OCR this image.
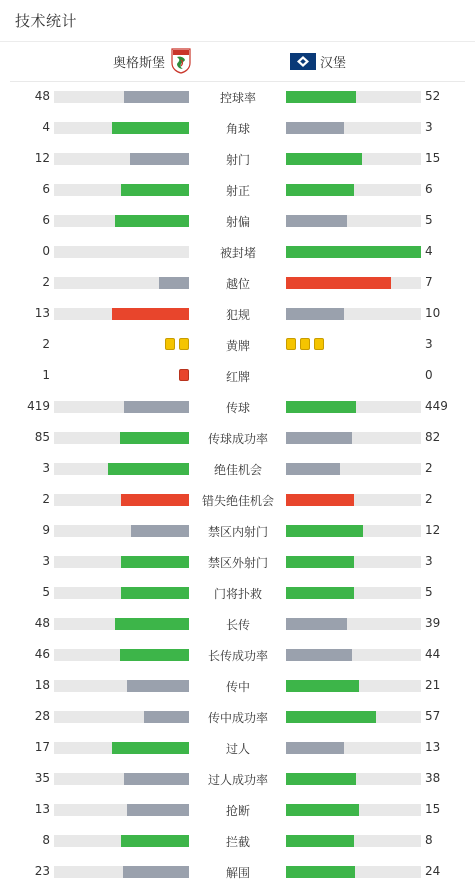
技术统计
奥格斯堡	汉堡
48	控球率	52
4	角球	3
12	射门	15
6	射正	6
6	射偏	5
0	被封堵	4
2	越位	7
13	犯规	10
2	黄牌	3
1	红牌	0
419	传球	449
85	传球成功率	82
3	绝佳机会	2
2	错失绝佳机会	2
9	禁区内射门	12
3	禁区外射门	3
5	门将扑救	5
48	长传	39
46	长传成功率	44
18	传中	21
28	传中成功率	57
17	过人	13
35	过人成功率	38
13	抢断	15
8	拦截	8
23	解围	24
